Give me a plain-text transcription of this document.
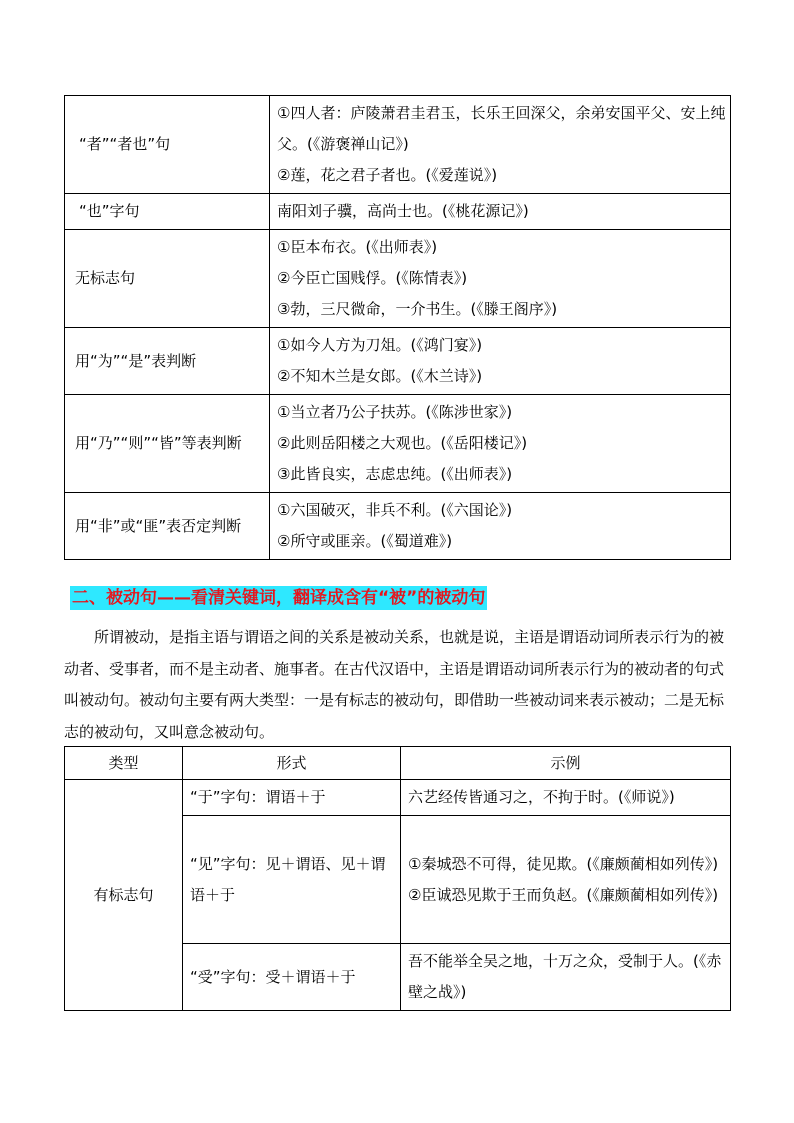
“者”“者也”句	①四人者：庐陵萧君圭君玉，长乐王回深父，余弟安国平父、安上纯父。(《游褒禅山记》)
②莲，花之君子者也。(《爱莲说》)

“也”字句	南阳刘子骥，高尚士也。(《桃花源记》)

无标志句	①臣本布衣。(《出师表》)
②今臣亡国贱俘。(《陈情表》)
③勃，三尺微命，一介书生。(《滕王阁序》)

用“为”“是”表判断	①如今人方为刀俎。(《鸿门宴》)
②不知木兰是女郎。(《木兰诗》)

用“乃”“则”“皆”等表判断	①当立者乃公子扶苏。(《陈涉世家》)
②此则岳阳楼之大观也。(《岳阳楼记》)
③此皆良实，志虑忠纯。(《出师表》)

用“非”或“匪”表否定判断	①六国破灭，非兵不利。(《六国论》)
②所守或匪亲。(《蜀道难》)
二、被动句——看清关键词，翻译成含有“被”的被动句

所谓被动，是指主语与谓语之间的关系是被动关系，也就是说，主语是谓语动词所表示行为的被动者、受事者，而不是主动者、施事者。在古代汉语中，主语是谓语动词所表示行为的被动者的句式叫被动句。被动句主要有两大类型：一是有标志的被动句，即借助一些被动词来表示被动；二是无标志的被动句，又叫意念被动句。

类型	形式	示例
有标志句	“于”字句：谓语＋于	六艺经传皆通习之，不拘于时。(《师说》)

	“见”字句：见＋谓语、见＋谓语＋于	①秦城恐不可得，徒见欺。(《廉颇蔺相如列传》)
②臣诚恐见欺于王而负赵。(《廉颇蔺相如列传》)

	“受”字句：受＋谓语＋于	吾不能举全吴之地，十万之众，受制于人。(《赤壁之战》)
